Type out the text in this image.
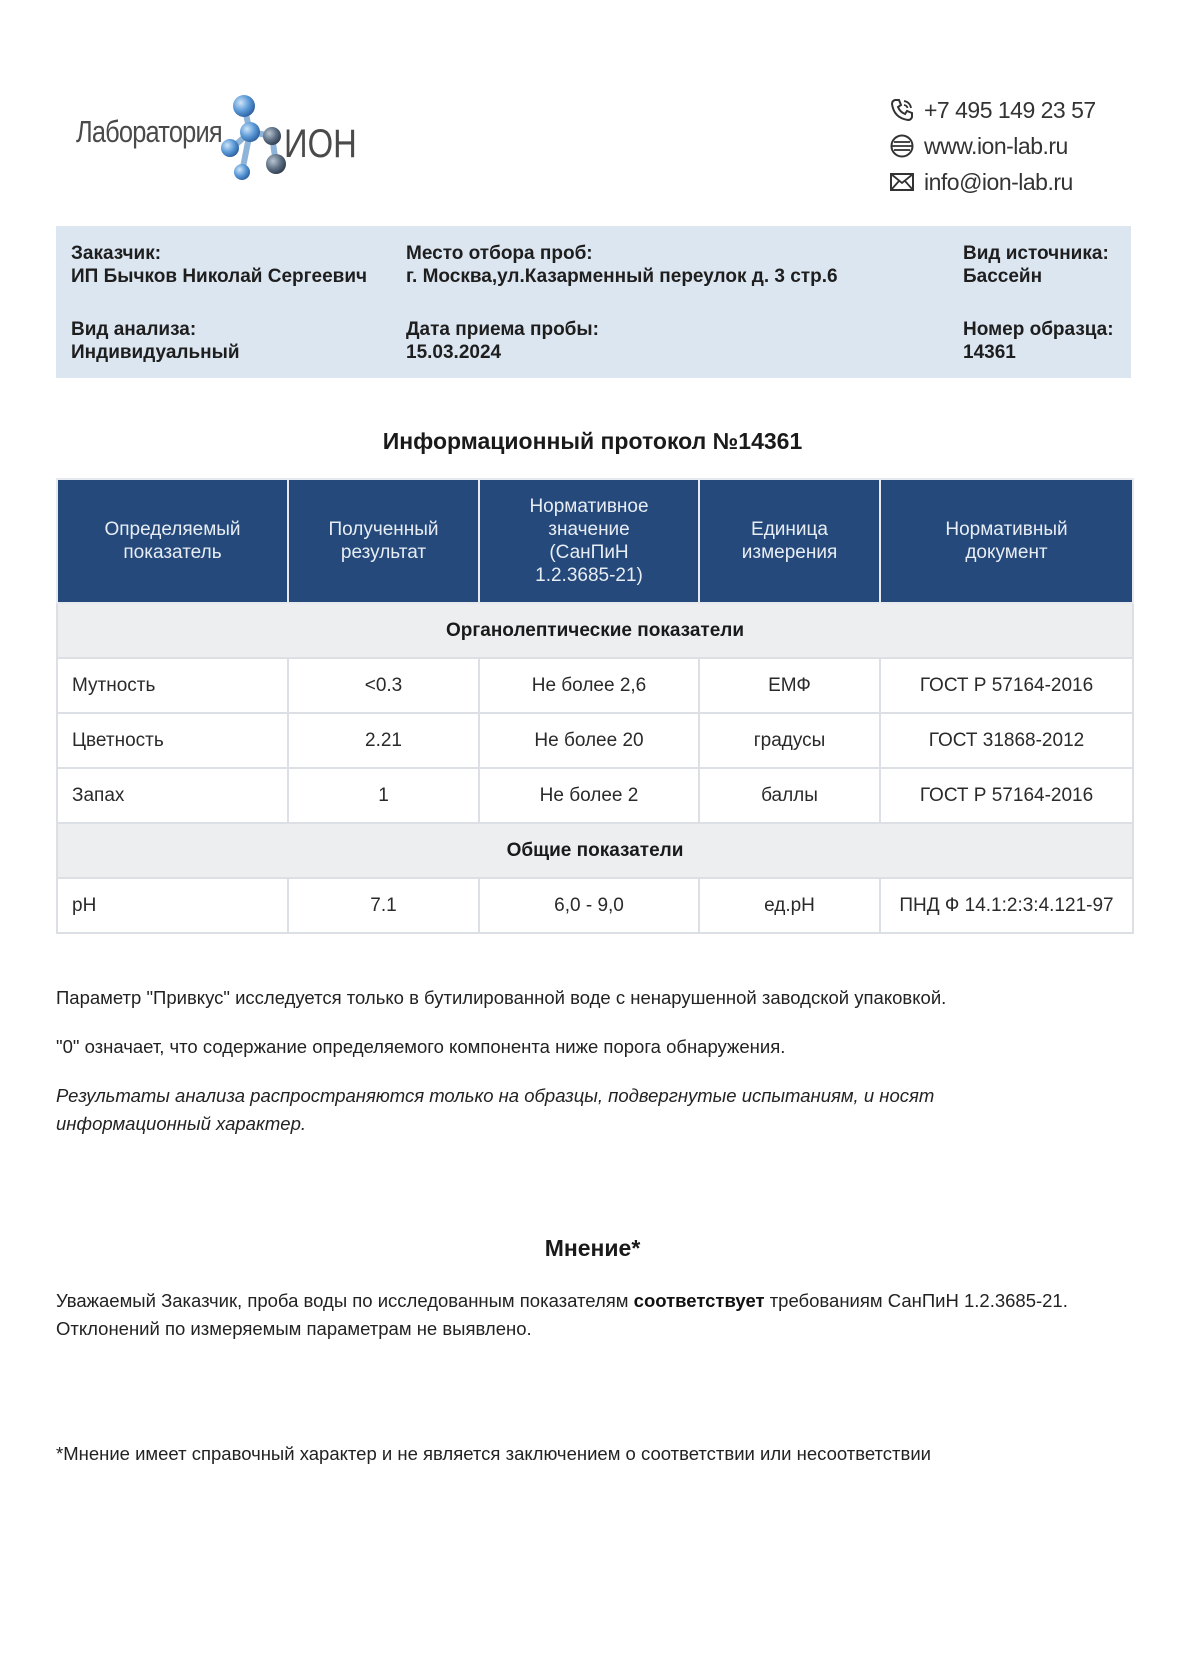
Лаборатория ИОН
+7 495 149 23 57
www.ion-lab.ru
info@ion-lab.ru
Заказчик:
ИП Бычков Николай Сергеевич
Место отбора проб:
г. Москва,ул.Казарменный переулок д. 3 стр.6
Вид источника:
Бассейн
Вид анализа:
Индивидуальный
Дата приема пробы:
15.03.2024
Номер образца:
14361
Информационный протокол №14361
Определяемый
показатель	Полученный
результат	Нормативное
значение
(СанПиН
1.2.3685-21)	Единица
измерения	Нормативный
документ
Органолептические показатели				
Мутность	<0.3	Не более 2,6	ЕМФ	ГОСТ Р 57164-2016
Цветность	2.21	Не более 20	градусы	ГОСТ 31868-2012
Запах	1	Не более 2	баллы	ГОСТ Р 57164-2016
Общие показатели				
pH	7.1	6,0 - 9,0	ед.pH	ПНД Ф 14.1:2:3:4.121-97
Параметр "Привкус" исследуется только в бутилированной воде с ненарушенной заводской упаковкой.
"0" означает, что содержание определяемого компонента ниже порога обнаружения.
Результаты анализа распространяются только на образцы, подвергнутые испытаниям, и носят информационный характер.
Мнение*
Уважаемый Заказчик, проба воды по исследованным показателям соответствует требованиям СанПиН 1.2.3685-21.
Отклонений по измеряемым параметрам не выявлено.
*Мнение имеет справочный характер и не является заключением о соответствии или несоответствии
